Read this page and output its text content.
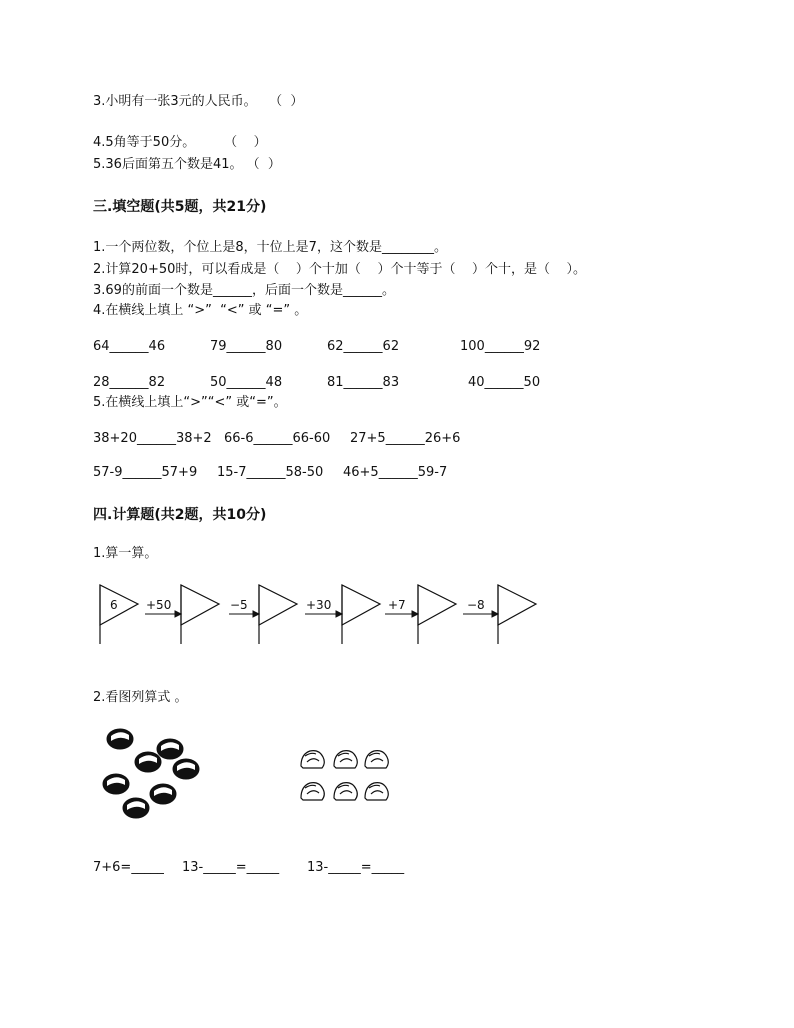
3.小明有一张3元的人民币。   （  ）
4.5角等于50分。       （    ）
5.36后面第五个数是41。 （  ）
三.填空题(共5题，共21分)
1.一个两位数，个位上是8，十位上是7，这个数是________。
2.计算20+50时，可以看成是（    ）个十加（    ）个十等于（    ）个十，是（    ）。
3.69的前面一个数是______，后面一个数是______。
4.在横线上填上 “>”  “<” 或 “=” 。
64______46	79______80	62______62	100______92
28______82	50______48	81______83	40______50
5.在横线上填上“>”“<” 或“=”。
38+20______38+2 66-6______66-60 27+5______26+6
57-9______57+9 15-7______58-50 46+5______59-7
四.计算题(共2题，共10分)
1.算一算。
6 +50	−5	+30	+7	−8
2.看图列算式 。
7+6=_____ 13-_____=_____ 13-_____=_____
